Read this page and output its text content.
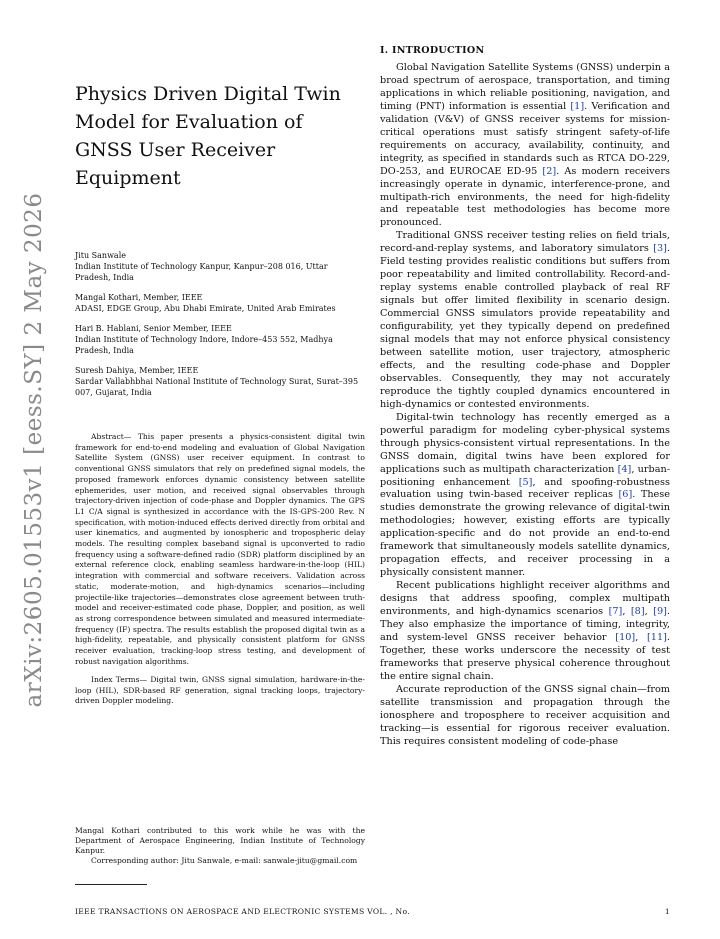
arXiv:2605.01553v1 [eess.SY] 2 May 2026
Physics Driven Digital Twin Model for Evaluation of GNSS User Receiver Equipment
Jitu Sanwale
Indian Institute of Technology Kanpur, Kanpur–208 016, Uttar Pradesh, India
Mangal Kothari, Member, IEEE
ADASI, EDGE Group, Abu Dhabi Emirate, United Arab Emirates
Hari B. Hablani, Senior Member, IEEE
Indian Institute of Technology Indore, Indore–453 552, Madhya Pradesh, India
Suresh Dahiya, Member, IEEE
Sardar Vallabhbhai National Institute of Technology Surat, Surat–395 007, Gujarat, India

Abstract— This paper presents a physics-consistent digital twin framework for end-to-end modeling and evaluation of Global Navigation Satellite System (GNSS) user receiver equipment. In contrast to conventional GNSS simulators that rely on predefined signal models, the proposed framework enforces dynamic consistency between satellite ephemerides, user motion, and received signal observables through trajectory-driven injection of code-phase and Doppler dynamics. The GPS L1 C/A signal is synthesized in accordance with the IS-GPS-200 Rev. N specification, with motion-induced effects derived directly from orbital and user kinematics, and augmented by ionospheric and tropospheric delay models. The resulting complex baseband signal is upconverted to radio frequency using a software-defined radio (SDR) platform disciplined by an external reference clock, enabling seamless hardware-in-the-loop (HIL) integration with commercial and software receivers. Validation across static, moderate-motion, and high-dynamics scenarios—including projectile-like trajectories—demonstrates close agreement between truth-model and receiver-estimated code phase, Doppler, and position, as well as strong correspondence between simulated and measured intermediate-frequency (IF) spectra. The results establish the proposed digital twin as a high-fidelity, repeatable, and physically consistent platform for GNSS receiver evaluation, tracking-loop stress testing, and development of robust navigation algorithms.

Index Terms— Digital twin, GNSS signal simulation, hardware-in-the-loop (HIL), SDR-based RF generation, signal tracking loops, trajectory-driven Doppler modeling.

Mangal Kothari contributed to this work while he was with the Department of Aerospace Engineering, Indian Institute of Technology Kanpur.

Corresponding author: Jitu Sanwale, e-mail: sanwale-jitu@gmail.com

I. INTRODUCTION

Global Navigation Satellite Systems (GNSS) underpin a broad spectrum of aerospace, transportation, and timing applications in which reliable positioning, navigation, and timing (PNT) information is essential [1]. Verification and validation (V&V) of GNSS receiver systems for mission-critical operations must satisfy stringent safety-of-life requirements on accuracy, availability, continuity, and integrity, as specified in standards such as RTCA DO-229, DO-253, and EUROCAE ED-95 [2]. As modern receivers increasingly operate in dynamic, interference-prone, and multipath-rich environments, the need for high-fidelity and repeatable test methodologies has become more pronounced.

Traditional GNSS receiver testing relies on field trials, record-and-replay systems, and laboratory simulators [3]. Field testing provides realistic conditions but suffers from poor repeatability and limited controllability. Record-and-replay systems enable controlled playback of real RF signals but offer limited flexibility in scenario design. Commercial GNSS simulators provide repeatability and configurability, yet they typically depend on predefined signal models that may not enforce physical consistency between satellite motion, user trajectory, atmospheric effects, and the resulting code-phase and Doppler observables. Consequently, they may not accurately reproduce the tightly coupled dynamics encountered in high-dynamics or contested environments.

Digital-twin technology has recently emerged as a powerful paradigm for modeling cyber-physical systems through physics-consistent virtual representations. In the GNSS domain, digital twins have been explored for applications such as multipath characterization [4], urban-positioning enhancement [5], and spoofing-robustness evaluation using twin-based receiver replicas [6]. These studies demonstrate the growing relevance of digital-twin methodologies; however, existing efforts are typically application-specific and do not provide an end-to-end framework that simultaneously models satellite dynamics, propagation effects, and receiver processing in a physically consistent manner.

Recent publications highlight receiver algorithms and designs that address spoofing, complex multipath environments, and high-dynamics scenarios [7], [8], [9]. They also emphasize the importance of timing, integrity, and system-level GNSS receiver behavior [10], [11]. Together, these works underscore the necessity of test frameworks that preserve physical coherence throughout the entire signal chain.

Accurate reproduction of the GNSS signal chain—from satellite transmission and propagation through the ionosphere and troposphere to receiver acquisition and tracking—is essential for rigorous receiver evaluation. This requires consistent modeling of code-phase

IEEE TRANSACTIONS ON AEROSPACE AND ELECTRONIC SYSTEMS VOL. , No.	1
